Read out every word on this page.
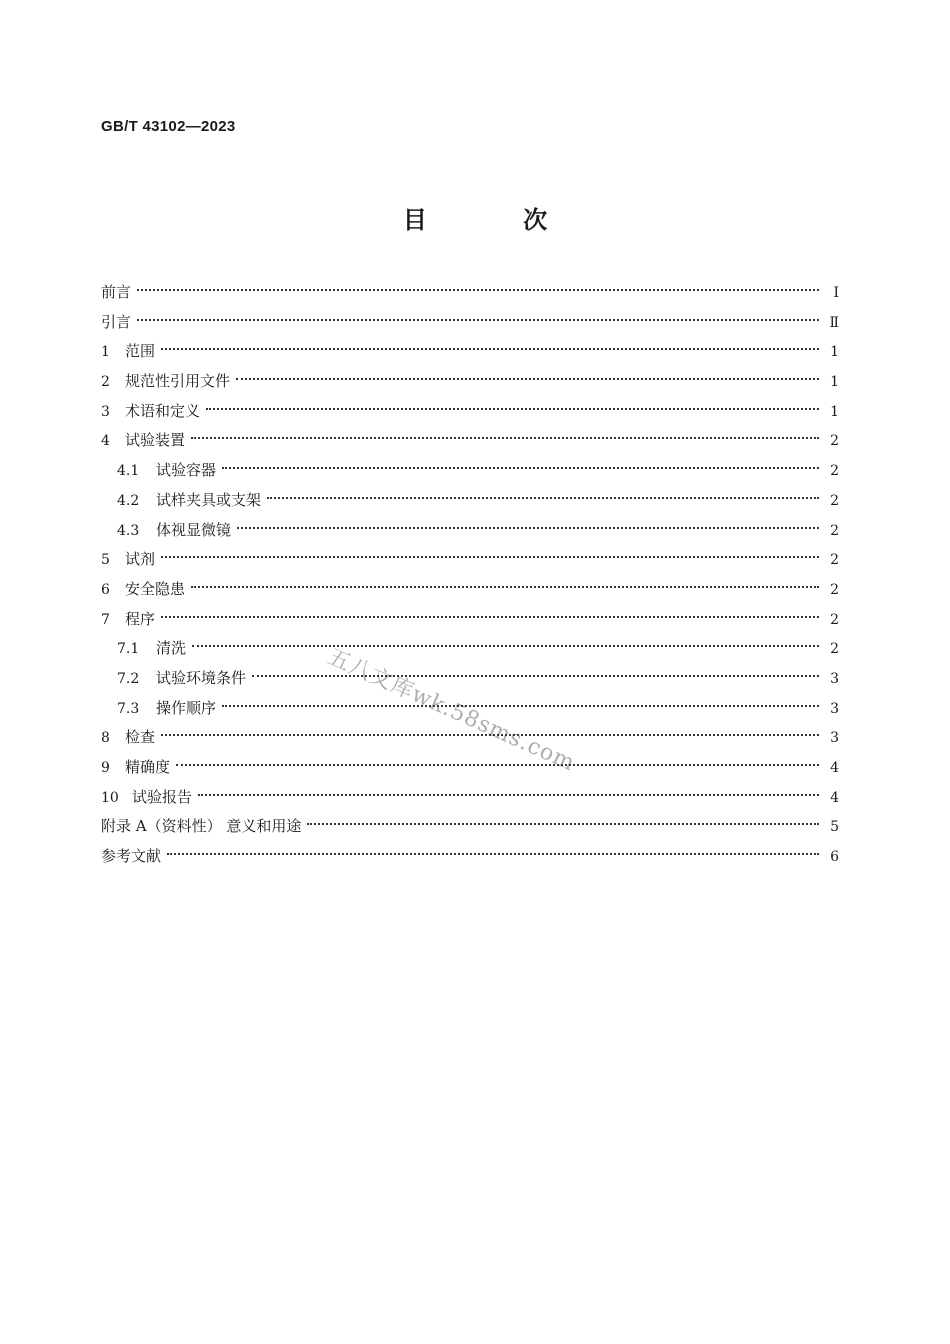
GB/T 43102—2023
目 次
前言	Ⅰ
引言	Ⅱ
1	范围	1
2	规范性引用文件	1
3	术语和定义	1
4	试验装置	2
4.1	试验容器	2
4.2	试样夹具或支架	2
4.3	体视显微镜	2
5	试剂	2
6	安全隐患	2
7	程序	2
7.1	清洗	2
7.2	试验环境条件	3
7.3	操作顺序	3
8	检查	3
9	精确度	4
10 试验报告	4
附录 A（资料性） 意义和用途	5
参考文献	6
五八文库wk.58sms.com
